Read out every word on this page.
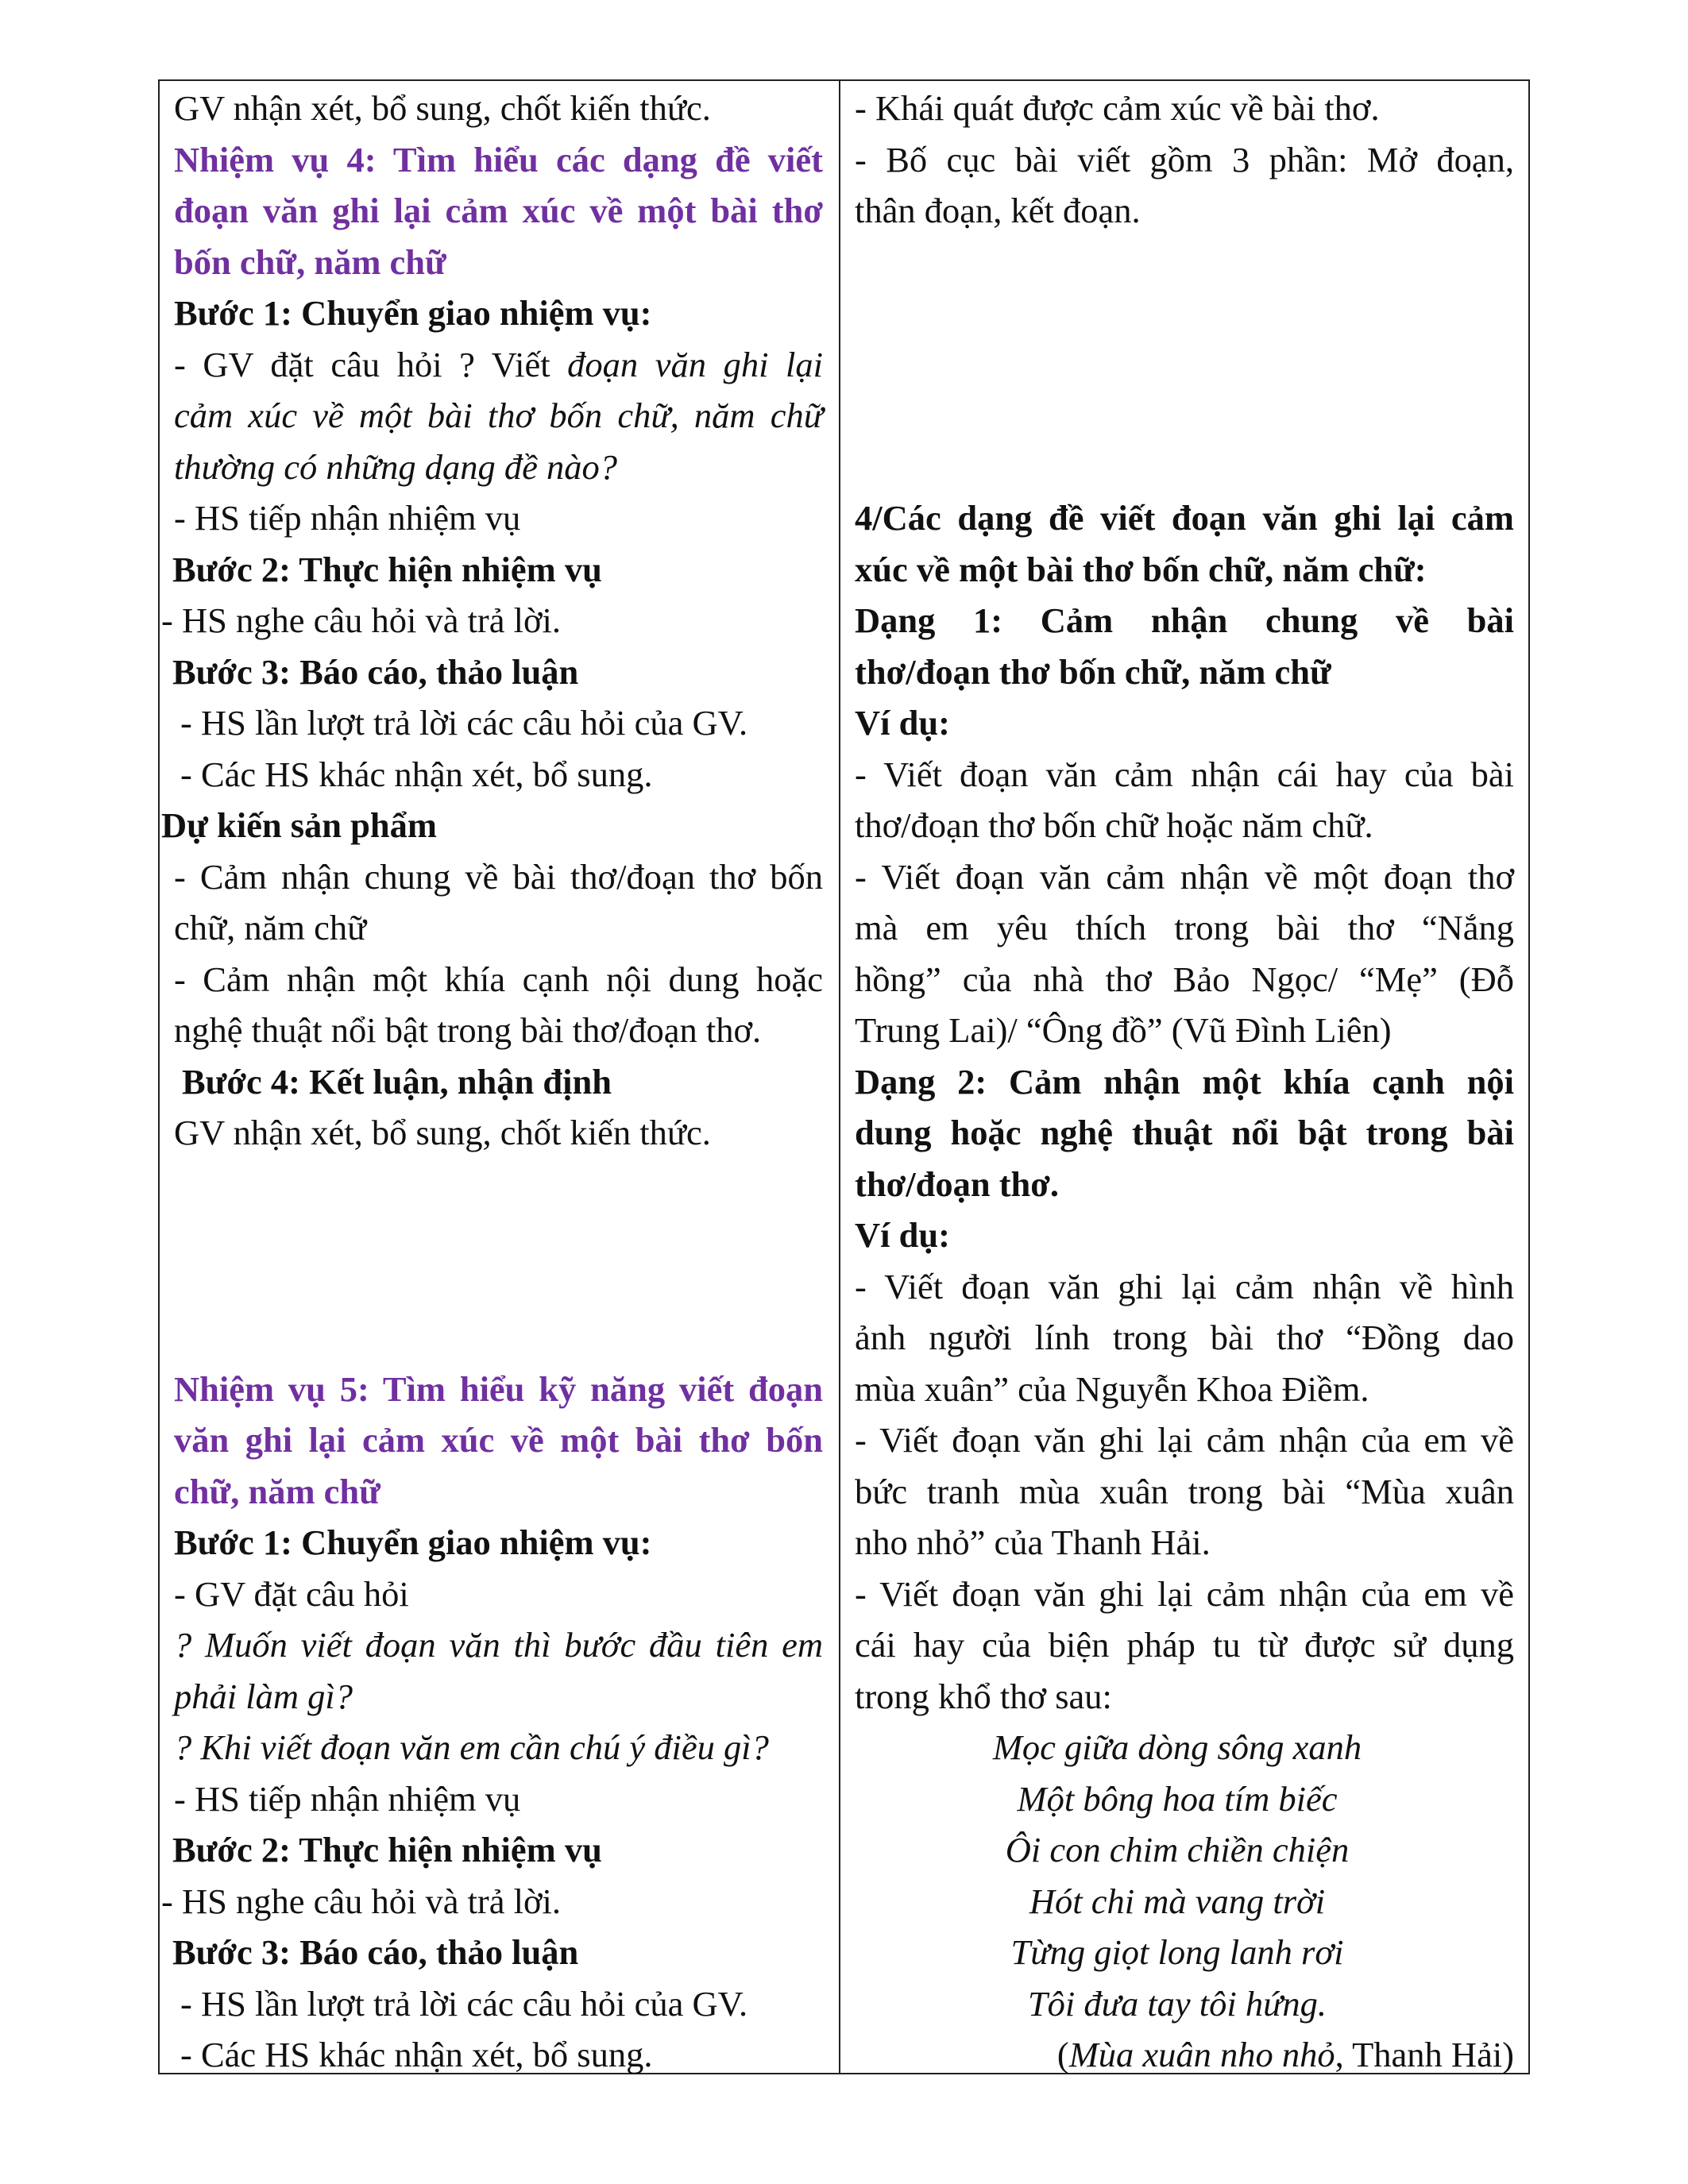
GV nhận xét, bổ sung, chốt kiến thức.
Nhiệm vụ 4: Tìm hiểu các dạng đề viết
đoạn văn ghi lại cảm xúc về một bài thơ
bốn chữ, năm chữ
Bước 1: Chuyển giao nhiệm vụ:
- GV đặt câu hỏi ? Viết đoạn văn ghi lại
cảm xúc về một bài thơ bốn chữ, năm chữ
thường có những dạng đề nào?
- HS tiếp nhận nhiệm vụ
Bước 2: Thực hiện nhiệm vụ
- HS nghe câu hỏi và trả lời.
Bước 3: Báo cáo, thảo luận
- HS lần lượt trả lời các câu hỏi của GV.
- Các HS khác nhận xét, bổ sung.
Dự kiến sản phẩm
- Cảm nhận chung về bài thơ/đoạn thơ bốn
chữ, năm chữ
- Cảm nhận một khía cạnh nội dung hoặc
nghệ thuật nổi bật trong bài thơ/đoạn thơ.
Bước 4: Kết luận, nhận định
GV nhận xét, bổ sung, chốt kiến thức.
Nhiệm vụ 5: Tìm hiểu kỹ năng viết đoạn
văn ghi lại cảm xúc về một bài thơ bốn
chữ, năm chữ
Bước 1: Chuyển giao nhiệm vụ:
- GV đặt câu hỏi
? Muốn viết đoạn văn thì bước đầu tiên em
phải làm gì?
? Khi viết đoạn văn em cần chú ý điều gì?
- HS tiếp nhận nhiệm vụ
Bước 2: Thực hiện nhiệm vụ
- HS nghe câu hỏi và trả lời.
Bước 3: Báo cáo, thảo luận
- HS lần lượt trả lời các câu hỏi của GV.
- Các HS khác nhận xét, bổ sung.
- Khái quát được cảm xúc về bài thơ.
- Bố cục bài viết gồm 3 phần: Mở đoạn,
thân đoạn, kết đoạn.
4/Các dạng đề viết đoạn văn ghi lại cảm
xúc về một bài thơ bốn chữ, năm chữ:
Dạng 1: Cảm nhận chung về bài
thơ/đoạn thơ bốn chữ, năm chữ
Ví dụ:
- Viết đoạn văn cảm nhận cái hay của bài
thơ/đoạn thơ bốn chữ hoặc năm chữ.
- Viết đoạn văn cảm nhận về một đoạn thơ
mà em yêu thích trong bài thơ “Nắng
hồng” của nhà thơ Bảo Ngọc/ “Mẹ” (Đỗ
Trung Lai)/ “Ông đồ” (Vũ Đình Liên)
Dạng 2: Cảm nhận một khía cạnh nội
dung hoặc nghệ thuật nổi bật trong bài
thơ/đoạn thơ.
Ví dụ:
- Viết đoạn văn ghi lại cảm nhận về hình
ảnh người lính trong bài thơ “Đồng dao
mùa xuân” của Nguyễn Khoa Điềm.
- Viết đoạn văn ghi lại cảm nhận của em về
bức tranh mùa xuân trong bài “Mùa xuân
nho nhỏ” của Thanh Hải.
- Viết đoạn văn ghi lại cảm nhận của em về
cái hay của biện pháp tu từ được sử dụng
trong khổ thơ sau:
Mọc giữa dòng sông xanh
Một bông hoa tím biếc
Ôi con chim chiền chiện
Hót chi mà vang trời
Từng giọt long lanh rơi
Tôi đưa tay tôi hứng.
(Mùa xuân nho nhỏ, Thanh Hải)
